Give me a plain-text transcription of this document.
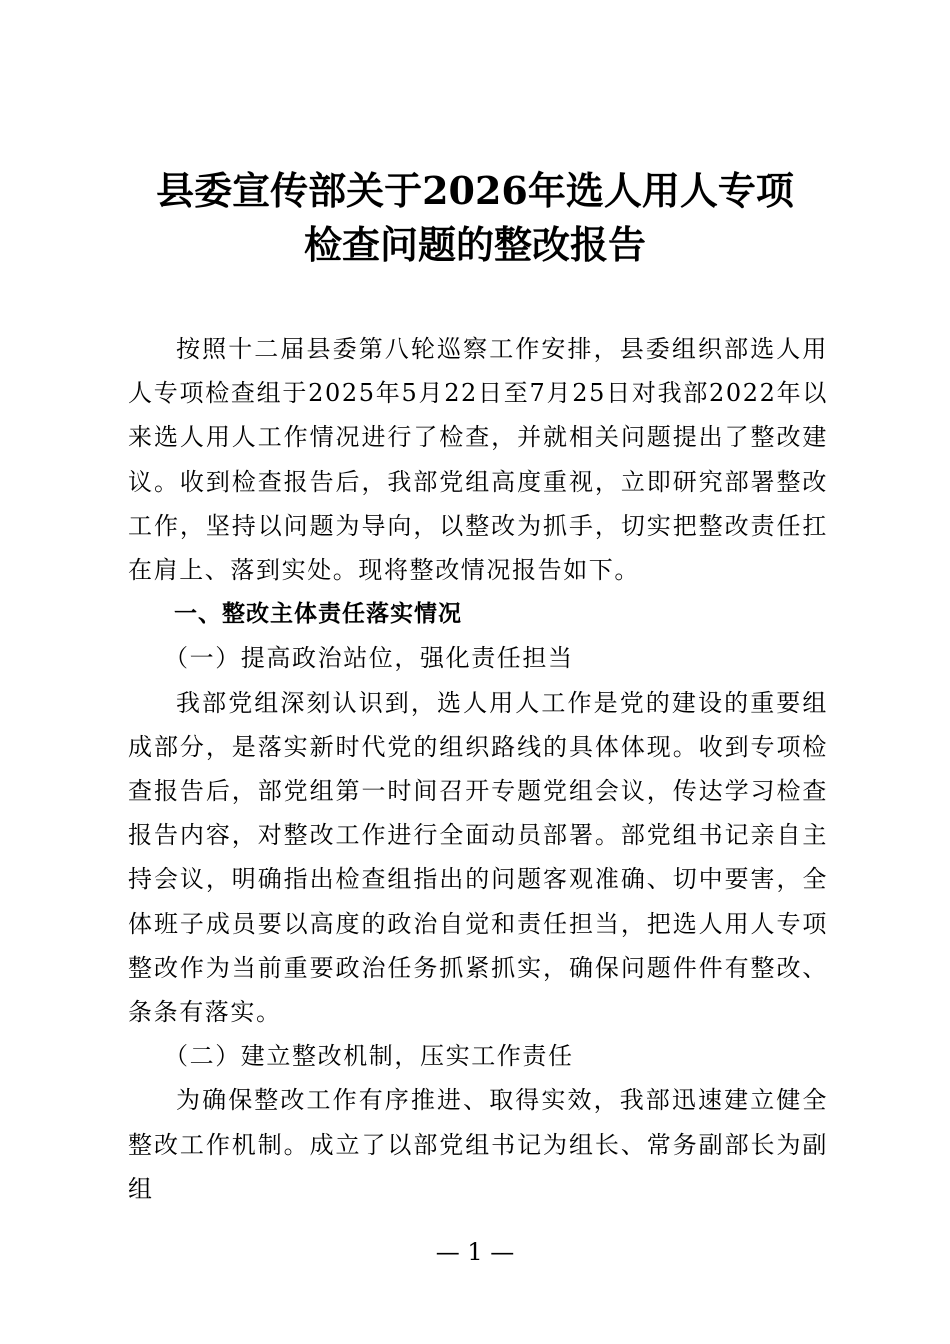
县委宣传部关于2026年选人用人专项
检查问题的整改报告

按照十二届县委第八轮巡察工作安排，县委组织部选人用人专项检查组于2025年5月22日至7月25日对我部2022年以来选人用人工作情况进行了检查，并就相关问题提出了整改建议。收到检查报告后，我部党组高度重视，立即研究部署整改工作，坚持以问题为导向，以整改为抓手，切实把整改责任扛在肩上、落到实处。现将整改情况报告如下。

一、整改主体责任落实情况

（一）提高政治站位，强化责任担当

我部党组深刻认识到，选人用人工作是党的建设的重要组成部分，是落实新时代党的组织路线的具体体现。收到专项检查报告后，部党组第一时间召开专题党组会议，传达学习检查报告内容，对整改工作进行全面动员部署。部党组书记亲自主持会议，明确指出检查组指出的问题客观准确、切中要害，全体班子成员要以高度的政治自觉和责任担当，把选人用人专项整改作为当前重要政治任务抓紧抓实，确保问题件件有整改、条条有落实。

（二）建立整改机制，压实工作责任

为确保整改工作有序推进、取得实效，我部迅速建立健全整改工作机制。成立了以部党组书记为组长、常务副部长为副组

— 1 —
